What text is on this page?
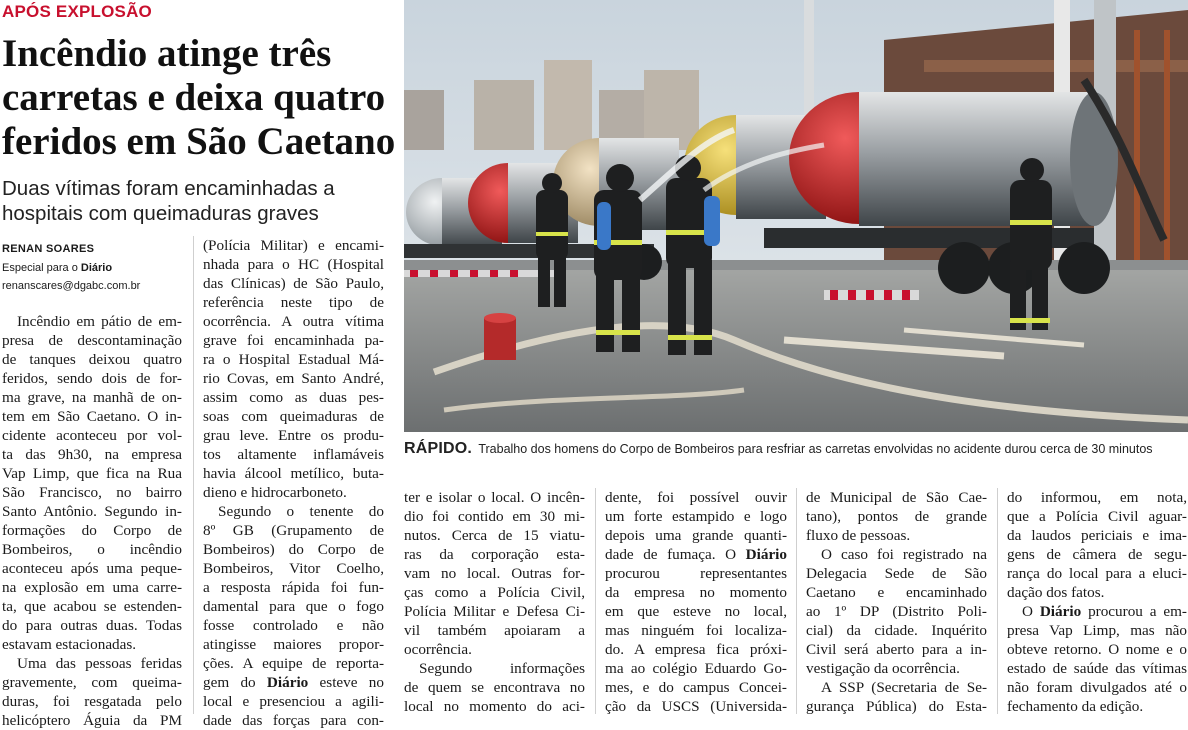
APÓS EXPLOSÃO
Incêndio atinge três
carretas e deixa quatro
feridos em São Caetano
Duas vítimas foram encaminhadas a
hospitais com queimaduras graves
RENAN SOARES
Especial para o Diário
renanscares@dgabc.com.br
Incêndio em pátio de em-
presa de descontaminação
de tanques deixou quatro
feridos, sendo dois de for-
ma grave, na manhã de on-
tem em São Caetano. O in-
cidente aconteceu por vol-
ta das 9h30, na empresa
Vap Limp, que fica na Rua
São Francisco, no bairro
Santo Antônio. Segundo in-
formações do Corpo de
Bombeiros, o incêndio
aconteceu após uma peque-
na explosão em uma carre-
ta, que acabou se estenden-
do para outras duas. Todas
estavam estacionadas.
Uma das pessoas feridas
gravemente, com queima-
duras, foi resgatada pelo
helicóptero Águia da PM
(Polícia Militar) e encami-
nhada para o HC (Hospital
das Clínicas) de São Paulo,
referência neste tipo de
ocorrência. A outra vítima
grave foi encaminhada pa-
ra o Hospital Estadual Má-
rio Covas, em Santo André,
assim como as duas pes-
soas com queimaduras de
grau leve. Entre os produ-
tos altamente inflamáveis
havia álcool metílico, buta-
dieno e hidrocarboneto.
Segundo o tenente do
8º GB (Grupamento de
Bombeiros) do Corpo de
Bombeiros, Vitor Coelho,
a resposta rápida foi fun-
damental para que o fogo
fosse controlado e não
atingisse maiores propor-
ções. A equipe de reporta-
gem do Diário esteve no
local e presenciou a agili-
dade das forças para con-
ter e isolar o local. O incên-
dio foi contido em 30 mi-
nutos. Cerca de 15 viatu-
ras da corporação esta-
vam no local. Outras for-
ças como a Polícia Civil,
Polícia Militar e Defesa Ci-
vil também apoiaram a
ocorrência.
Segundo informações
de quem se encontrava no
local no momento do aci-
dente, foi possível ouvir
um forte estampido e logo
depois uma grande quanti-
dade de fumaça. O Diário
procurou representantes
da empresa no momento
em que esteve no local,
mas ninguém foi localiza-
do. A empresa fica próxi-
ma ao colégio Eduardo Go-
mes, e do campus Concei-
ção da USCS (Universida-
de Municipal de São Cae-
tano), pontos de grande
fluxo de pessoas.
O caso foi registrado na
Delegacia Sede de São
Caetano e encaminhado
ao 1º DP (Distrito Poli-
cial) da cidade. Inquérito
Civil será aberto para a in-
vestigação da ocorrência.
A SSP (Secretaria de Se-
gurança Pública) do Esta-
do informou, em nota,
que a Polícia Civil aguar-
da laudos periciais e ima-
gens de câmera de segu-
rança do local para a eluci-
dação dos fatos.
O Diário procurou a em-
presa Vap Limp, mas não
obteve retorno. O nome e o
estado de saúde das vítimas
não foram divulgados até o
fechamento da edição.
RÁPIDO. Trabalho dos homens do Corpo de Bombeiros para resfriar as carretas envolvidas no acidente durou cerca de 30 minutos
